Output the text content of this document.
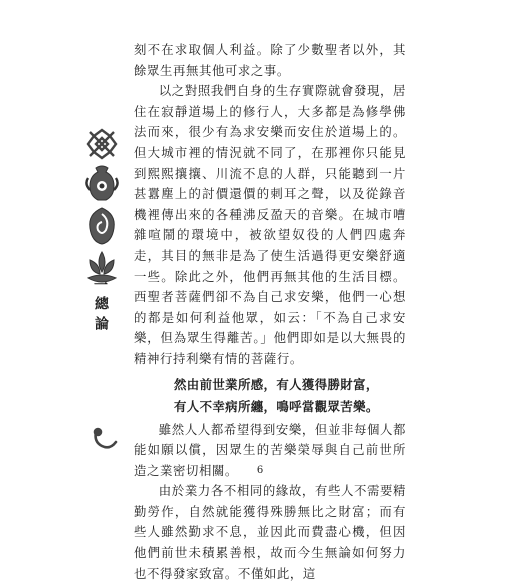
一
總論

刻不在求取個人利益。除了少數聖者以外，其餘眾生再無其他可求之事。

以之對照我們自身的生存實際就會發現，居住在寂靜道場上的修行人，大多都是為修學佛法而來，很少有為求安樂而安住於道場上的。但大城市裡的情況就不同了，在那裡你只能見到熙熙攘攘、川流不息的人群，只能聽到一片甚囂塵上的討價還價的刺耳之聲，以及從錄音機裡傳出來的各種沸反盈天的音樂。在城市嘈雜喧鬧的環境中，被欲望奴役的人們四處奔走，其目的無非是為了使生活過得更安樂舒適一些。除此之外，他們再無其他的生活目標。西聖者菩薩們卻不為自己求安樂，他們一心想的都是如何利益他眾，如云：「不為自己求安樂，但為眾生得離苦。」他們即如是以大無畏的精神行持利樂有情的菩薩行。

然由前世業所感，有人獲得勝財富，
有人不幸病所纏，鳴呼當觀眾苦樂。

雖然人人都希望得到安樂，但並非每個人都能如願以償，因眾生的苦樂榮辱與自己前世所造之業密切相關。

由於業力各不相同的緣故，有些人不需要精勤勞作，自然就能獲得殊勝無比之財富；而有些人雖然勤求不息，並因此而費盡心機，但因他們前世未積累善根，故而今生無論如何努力也不得發家致富。不僅如此，這

6
